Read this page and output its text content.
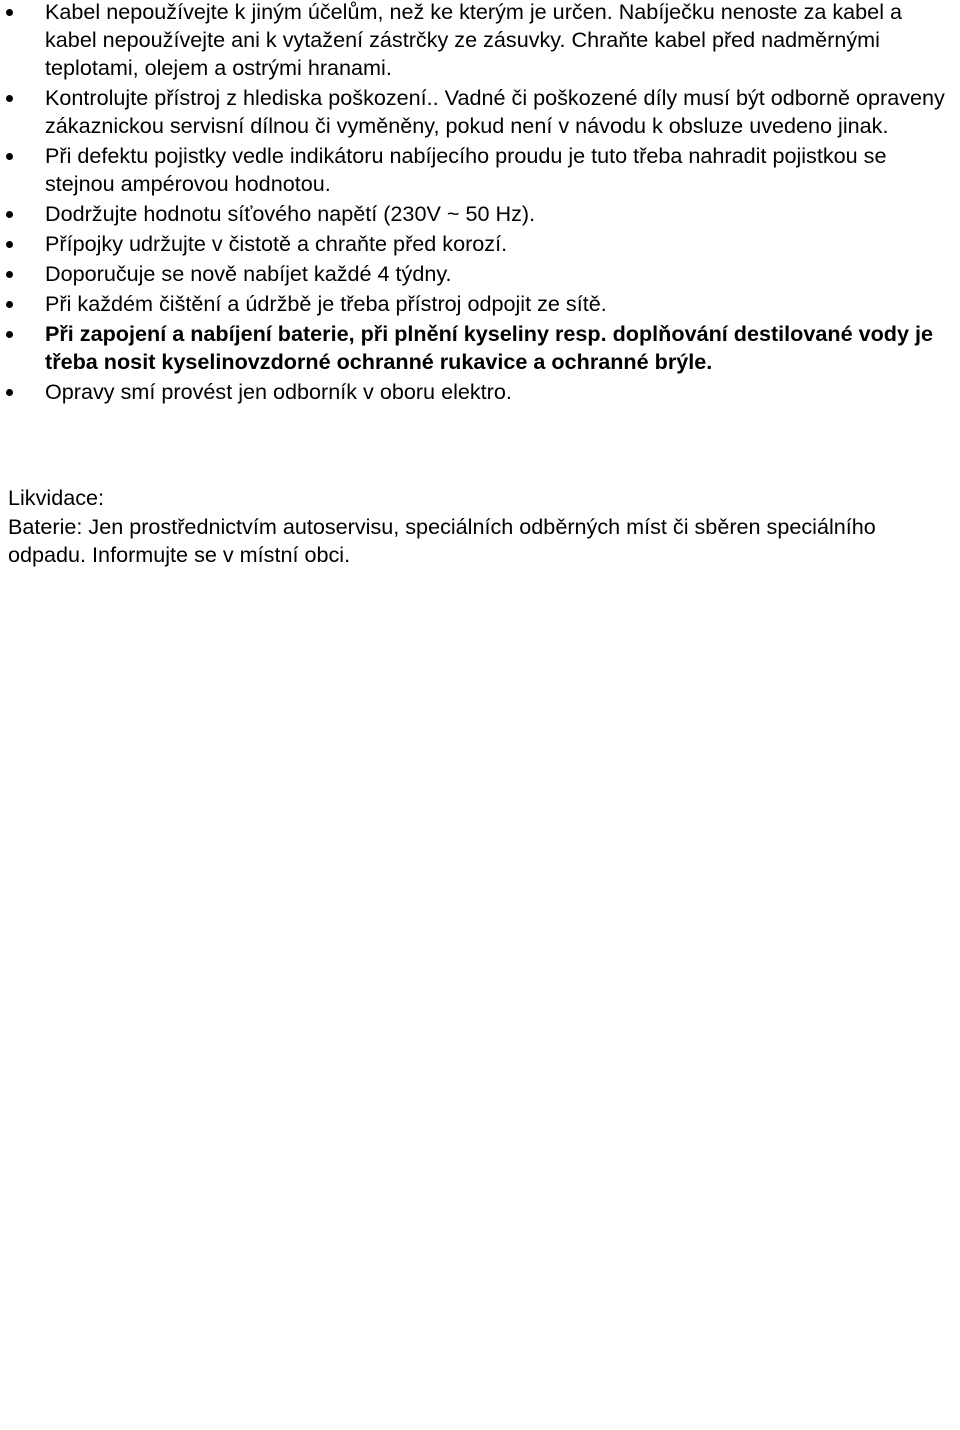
Kabel nepoužívejte k jiným účelům, než ke kterým je určen. Nabíječku nenoste za kabel a kabel nepoužívejte ani k vytažení zástrčky ze zásuvky. Chraňte kabel před nadměrnými teplotami, olejem a ostrými hranami.
Kontrolujte přístroj z hlediska poškození.. Vadné či poškozené díly musí být odborně opraveny zákaznickou servisní dílnou či vyměněny, pokud není v návodu k obsluze uvedeno jinak.
Při defektu pojistky vedle indikátoru nabíjecího proudu je tuto třeba nahradit pojistkou se stejnou ampérovou hodnotou.
Dodržujte hodnotu síťového napětí (230V ~ 50 Hz).
Přípojky udržujte v čistotě a chraňte před korozí.
Doporučuje se nově nabíjet každé 4 týdny.
Při každém čištění a údržbě je třeba přístroj odpojit ze sítě.
Při zapojení a nabíjení baterie, při plnění kyseliny resp. doplňování destilované vody je třeba nosit kyselinovzdorné ochranné rukavice a ochranné brýle.
Opravy smí provést jen odborník v oboru elektro.
Likvidace:

Baterie: Jen prostřednictvím autoservisu, speciálních odběrných míst či sběren speciálního odpadu. Informujte se v místní obci.
